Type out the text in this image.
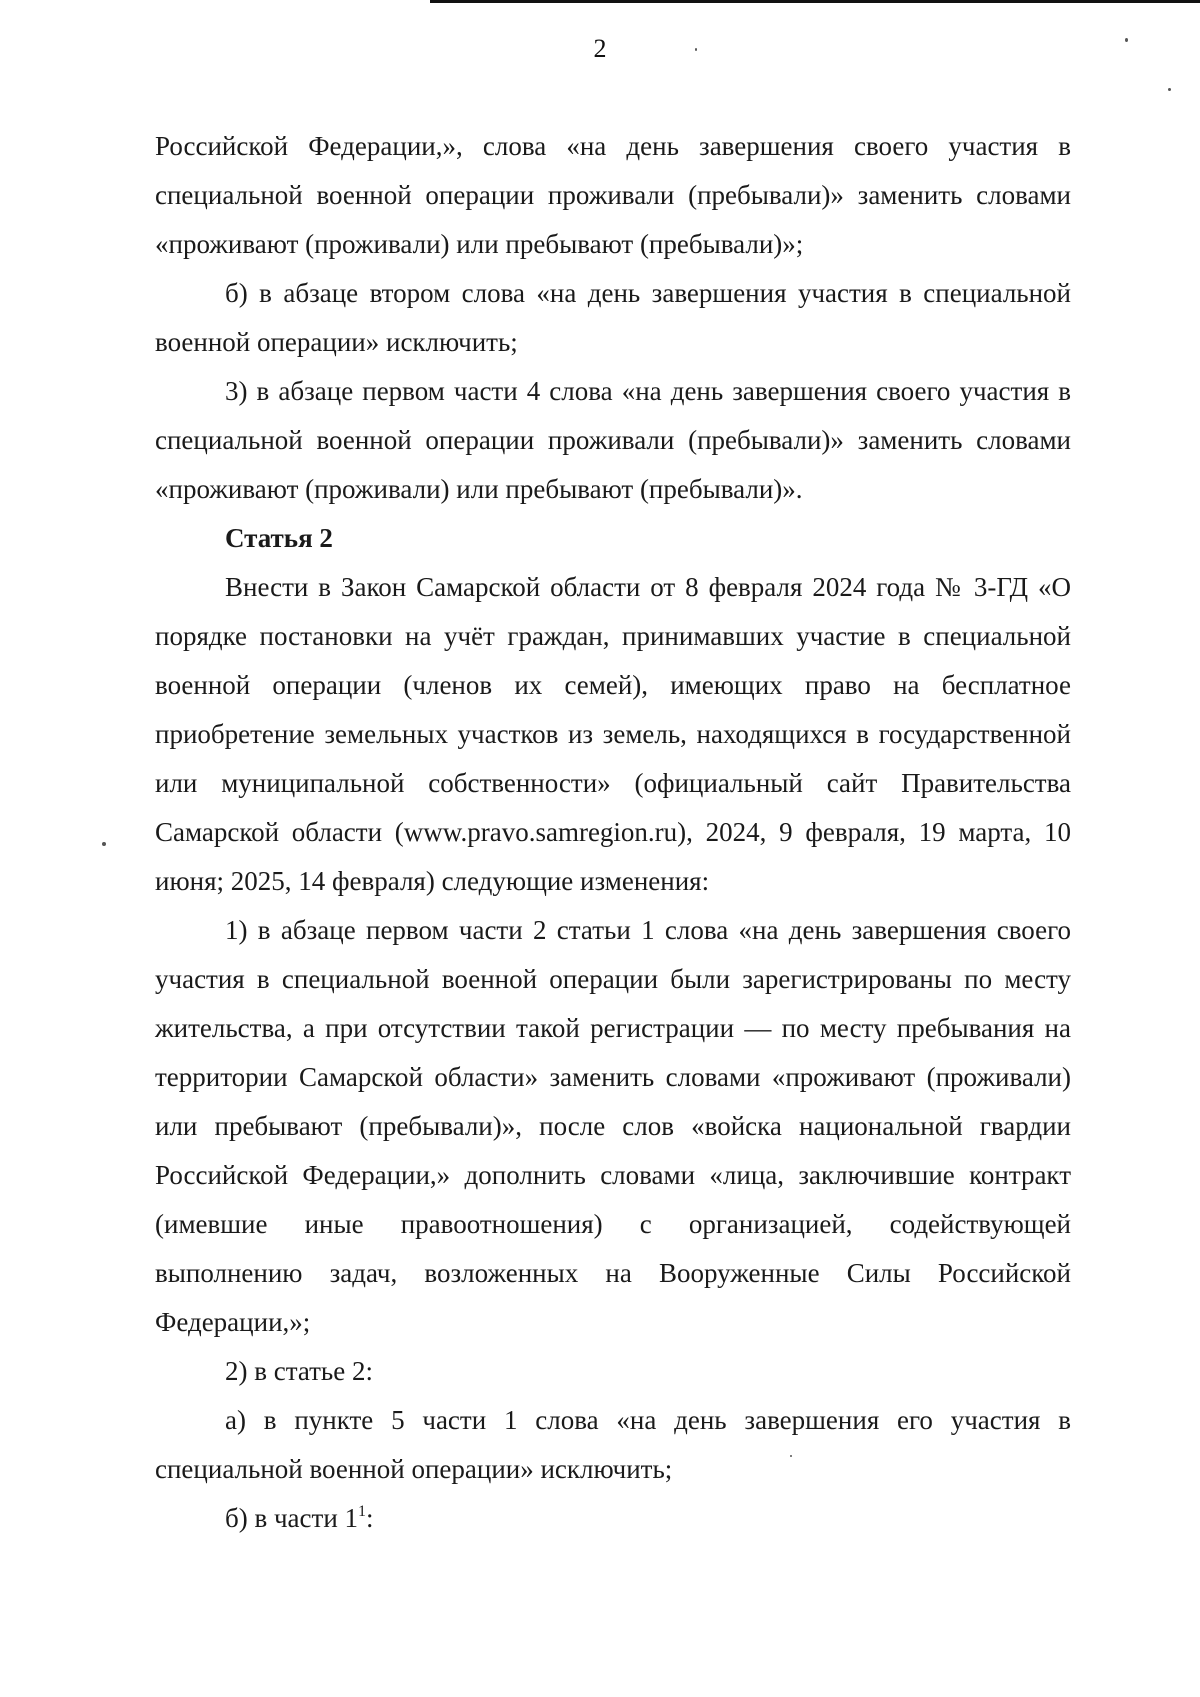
2

Российской Федерации,», слова «на день завершения своего участия в специальной военной операции проживали (пребывали)» заменить словами «проживают (проживали) или пребывают (пребывали)»;

б) в абзаце втором слова «на день завершения участия в специальной военной операции» исключить;

3) в абзаце первом части 4 слова «на день завершения своего участия в специальной военной операции проживали (пребывали)» заменить словами «проживают (проживали) или пребывают (пребывали)».

Статья 2

Внести в Закон Самарской области от 8 февраля 2024 года № 3-ГД «О порядке постановки на учёт граждан, принимавших участие в специальной военной операции (членов их семей), имеющих право на бесплатное приобретение земельных участков из земель, находящихся в государственной или муниципальной собственности» (официальный сайт Правительства Самарской области (www.pravo.samregion.ru), 2024, 9 февраля, 19 марта, 10 июня; 2025, 14 февраля) следующие изменения:

1) в абзаце первом части 2 статьи 1 слова «на день завершения своего участия в специальной военной операции были зарегистрированы по месту жительства, а при отсутствии такой регистрации — по месту пребывания на территории Самарской области» заменить словами «проживают (проживали) или пребывают (пребывали)», после слов «войска национальной гвардии Российской Федерации,» дополнить словами «лица, заключившие контракт (имевшие иные правоотношения) с организацией, содействующей выполнению задач, возложенных на Вооруженные Силы Российской Федерации,»;

2) в статье 2:

а) в пункте 5 части 1 слова «на день завершения его участия в специальной военной операции» исключить;

б) в части $1^1$:
